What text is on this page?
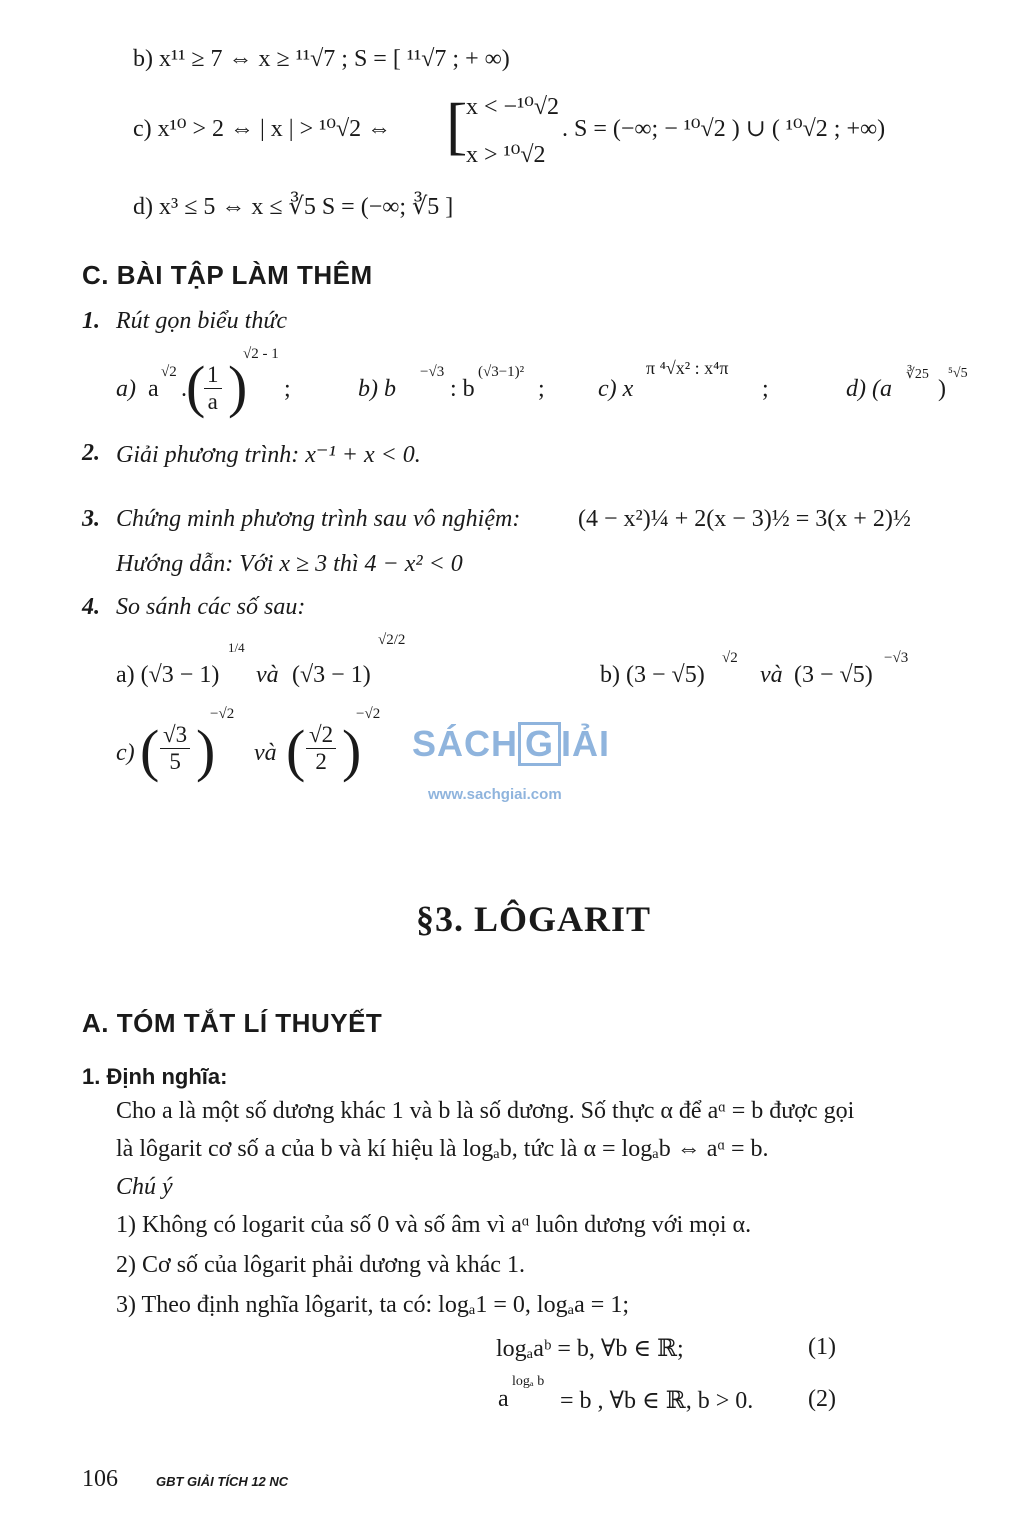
b) x¹¹ ≥ 7 ⇔ x ≥ ¹¹√7 ; S = [ ¹¹√7 ; + ∞)
c) x¹⁰ > 2 ⇔ | x | > ¹⁰√2 ⇔ [
x < −¹⁰√2
x > ¹⁰√2
. S = (−∞; − ¹⁰√2 ) ∪ ( ¹⁰√2 ; +∞)
d) x³ ≤ 5 ⇔ x ≤ ∛5 S = (−∞; ∛5 ]
C. BÀI TẬP LÀM THÊM
1. Rút gọn biểu thức
a) a
√2
. (
$\frac{1}{a}$ )
√2 - 1
;	b) b
−√3
: b
(√3−1)²
; c) x
π ⁴√x² : x⁴π
;	d) (a
∛25
)
⁵√5
2. Giải phương trình: x⁻¹ + x < 0.
3. Chứng minh phương trình sau vô nghiệm: (4 − x²)¼ + 2(x − 3)½ = 3(x + 2)½
Hướng dẫn: Với x ≥ 3 thì 4 − x² < 0
4. So sánh các số sau:
a) (√3 − 1)
1/4
và (√3 − 1)
√2/2
b) (3 − √5)
√2
và (3 − √5)
−√3
c) ( $\frac{√3}{5}$ )
−√2
và ( $\frac{√2}{2}$ )
−√2
SÁCH G IẢI
www.sachgiai.com
§3. LÔGARIT
A. TÓM TẮT LÍ THUYẾT
1. Định nghĩa:
Cho a là một số dương khác 1 và b là số dương. Số thực α để aᵅ = b được gọi
là lôgarit cơ số a của b và kí hiệu là logₐb, tức là α = logₐb ⇔ aᵅ = b.
Chú ý
1) Không có logarit của số 0 và số âm vì aᵅ luôn dương với mọi α.
2) Cơ số của lôgarit phải dương và khác 1.
3) Theo định nghĩa lôgarit, ta có: logₐ1 = 0, logₐa = 1;
logₐaᵇ = b, ∀b ∈ ℝ;	(1)
a
logₐ b
= b , ∀b ∈ ℝ, b > 0. (2)
106	GBT GIẢI TÍCH 12 NC
